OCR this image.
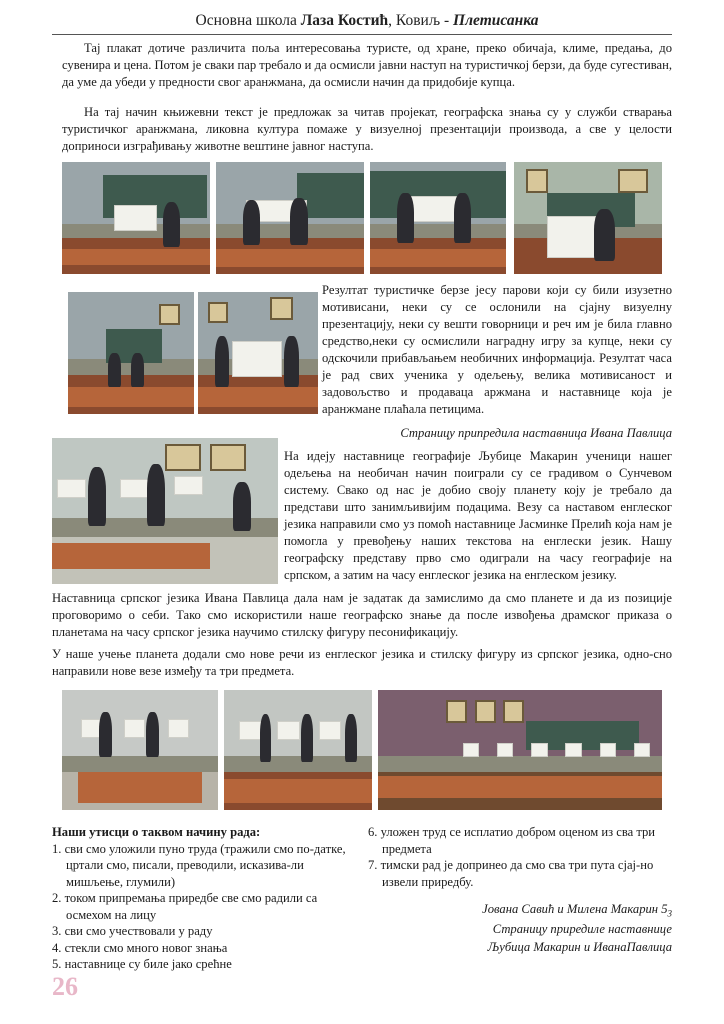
Основна школа Лаза Костић, Ковиљ - Плетисанка
Тај плакат дотиче различита поља интересовања туристе, од хране, преко обичаја, климе, предања, до сувенира и цена. Потом је сваки пар требало и да осмисли јавни наступ на туристичкој берзи, да буде сугестиван, да уме да убеди у предности свог аранжмана, да осмисли начин да придобије купца.
На тај начин књижевни текст је предложак за читав пројекат, географска знања су у служби стварања туристичког аранжмана, ликовна култура помаже у визуелној презентацији производа, а све у целости доприноси изграђивању животне вештине јавног наступа.
Резултат туристичке берзе јесу парови који су били изузетно мотивисани, неки су се ослонили на сјајну визуелну презентацију, неки су вешти говорници и реч им је била главно средство,неки су осмислили наградну игру за купце, неки су одскочили прибављањем необичних информација. Резултат часа је рад свих ученика у одељењу, велика мотивисаност и задовољство и продаваца аржмана и наставнице која је аранжмане плаћала петицима.
Страницу припредила наставница Ивана Павлица
На идеју наставнице географије Љубице Макарин ученици нашег одељења на необичан начин поиграли су се градивом о Сунчевом систему. Свако од нас је добио своју планету коју је требало да представи што занимљивијим подацима. Везу са наставом енглеског језика направили смо уз помоћ наставнице Јасминке Прелић која нам је помогла у превођењу наших текстова на енглески језик. Нашу географску представу прво смо одиграли на часу географије на српском, а затим на часу енглеског језика на енглеском језику.
Наставница српског језика Ивана Павлица дала нам је задатак да замислимо да смо планете и да из позиције проговоримо о себи. Тако смо искористили наше географско знање да после извођења драмског приказа о планетама на часу српског језика научимо стилску фигуру песонификацију.
У наше учење планета додали смо нове речи из енглеског језика и стилску фигуру из српског језика, одно-сно направили нове везе између та три предмета.
Наши утисци о таквом начину рада:
1. сви смо уложили пуно труда (тражили смо по-датке, цртали смо, писали, преводили, исказива-ли мишљење, глумили)
2. током припремања приредбе све смо радили са осмехом на лицу
3. сви смо учествовали у раду
4. стекли смо много новог знања
5. наставнице су биле јако срећне
6. уложен труд се исплатио добром оценом из сва три предмета
7. тимски рад је допринео да смо сва три пута сјај-но извели приредбу.
Јована Савић и Милена Макарин $5_3$
Страницу приредиле наставнице
Љубица Макарин и ИванаПавлица
26
